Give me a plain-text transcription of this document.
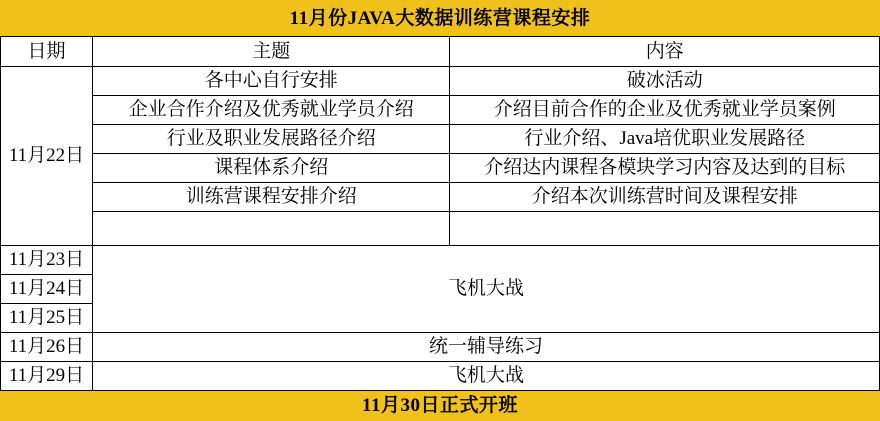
11月份JAVA大数据训练营课程安排		
日期	主题	内容
11月22日	各中心自行安排	破冰活动
	企业合作介绍及优秀就业学员介绍	介绍目前合作的企业及优秀就业学员案例
	行业及职业发展路径介绍	行业介绍、Java培优职业发展路径
	课程体系介绍	介绍达内课程各模块学习内容及达到的目标
	训练营课程安排介绍	介绍本次训练营时间及课程安排

11月23日	飞机大战	
11月24日		
11月25日		
11月26日	统一辅导练习	
11月29日	飞机大战	
11月30日正式开班		
